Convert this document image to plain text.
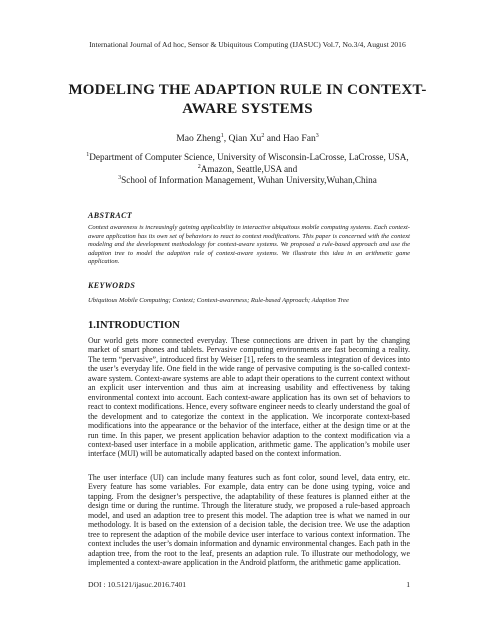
International Journal of Ad hoc, Sensor & Ubiquitous Computing (IJASUC) Vol.7, No.3/4, August 2016
MODELING THE ADAPTION RULE IN CONTEXT-
AWARE SYSTEMS
Mao Zheng$^1$, Qian Xu$^2$ and Hao Fan$^3$
$^1$Department of Computer Science, University of Wisconsin-LaCrosse, LaCrosse, USA,
$^2$Amazon, Seattle,USA and
$^3$School of Information Management, Wuhan University,Wuhan,China
ABSTRACT
Context awareness is increasingly gaining applicability in interactive ubiquitous mobile computing systems. Each context-aware application has its own set of behaviors to react to context modifications. This paper is concerned with the context modeling and the development methodology for context-aware systems. We proposed a rule-based approach and use the adaption tree to model the adaption rule of context-aware systems. We illustrate this idea in an arithmetic game application.
KEYWORDS
Ubiquitous Mobile Computing; Context; Context-awareness; Rule-based Approach; Adaption Tree
1.INTRODUCTION
Our world gets more connected everyday. These connections are driven in part by the changing market of smart phones and tablets. Pervasive computing environments are fast becoming a reality. The term “pervasive”, introduced first by Weiser [1], refers to the seamless integration of devices into the user’s everyday life. One field in the wide range of pervasive computing is the so-called context-aware system. Context-aware systems are able to adapt their operations to the current context without an explicit user intervention and thus aim at increasing usability and effectiveness by taking environmental context into account. Each context-aware application has its own set of behaviors to react to context modifications. Hence, every software engineer needs to clearly understand the goal of the development and to categorize the context in the application. We incorporate context-based modifications into the appearance or the behavior of the interface, either at the design time or at the run time. In this paper, we present application behavior adaption to the context modification via a context-based user interface in a mobile application, arithmetic game. The application’s mobile user interface (MUI) will be automatically adapted based on the context information.
The user interface (UI) can include many features such as font color, sound level, data entry, etc. Every feature has some variables. For example, data entry can be done using typing, voice and tapping. From the designer’s perspective, the adaptability of these features is planned either at the design time or during the runtime. Through the literature study, we proposed a rule-based approach model, and used an adaption tree to present this model. The adaption tree is what we named in our methodology. It is based on the extension of a decision table, the decision tree. We use the adaption tree to represent the adaption of the mobile device user interface to various context information. The context includes the user’s domain information and dynamic environmental changes. Each path in the adaption tree, from the root to the leaf, presents an adaption rule. To illustrate our methodology, we implemented a context-aware application in the Android platform, the arithmetic game application.
DOI : 10.5121/ijasuc.2016.7401	1
